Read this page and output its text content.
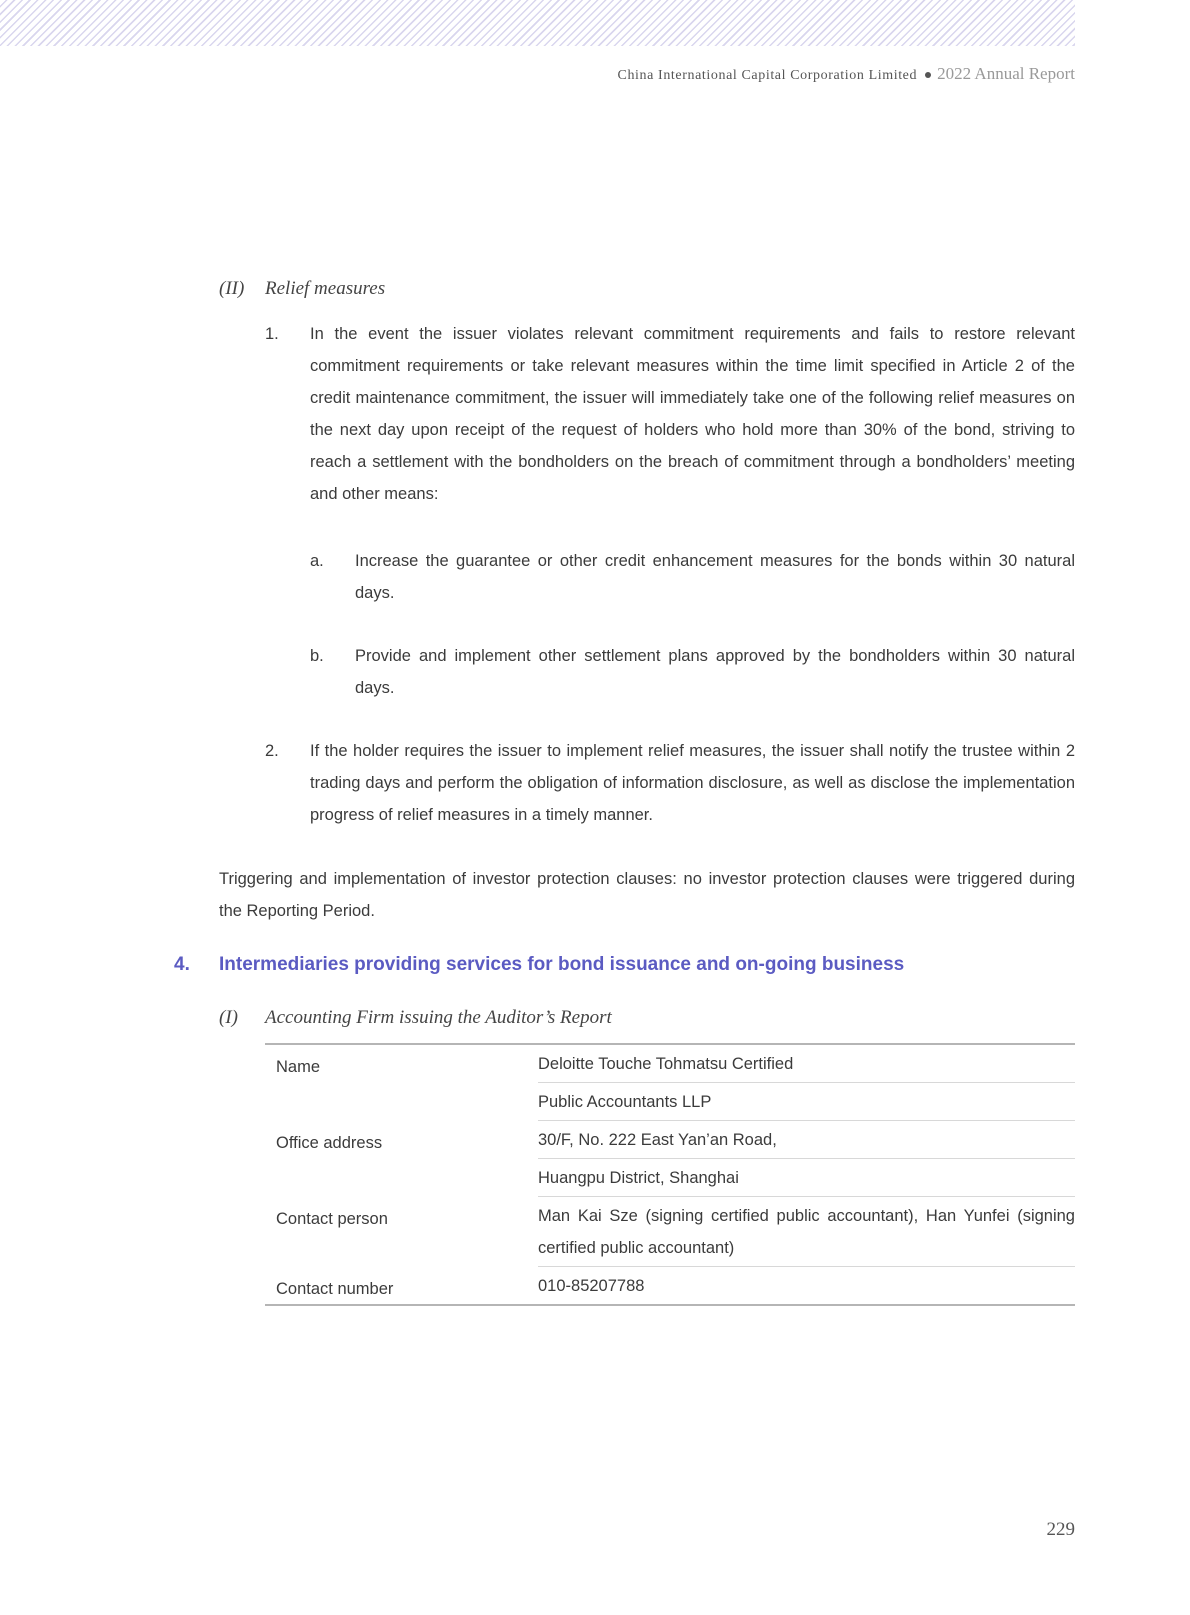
China International Capital Corporation Limited 2022 Annual Report
(II) Relief measures
1. In the event the issuer violates relevant commitment requirements and fails to restore relevant commitment requirements or take relevant measures within the time limit specified in Article 2 of the credit maintenance commitment, the issuer will immediately take one of the following relief measures on the next day upon receipt of the request of holders who hold more than 30% of the bond, striving to reach a settlement with the bondholders on the breach of commitment through a bondholders’ meeting and other means:
a. Increase the guarantee or other credit enhancement measures for the bonds within 30 natural days.
b. Provide and implement other settlement plans approved by the bondholders within 30 natural days.
2. If the holder requires the issuer to implement relief measures, the issuer shall notify the trustee within 2 trading days and perform the obligation of information disclosure, as well as disclose the implementation progress of relief measures in a timely manner.
Triggering and implementation of investor protection clauses: no investor protection clauses were triggered during the Reporting Period.
4. Intermediaries providing services for bond issuance and on-going business
(I) Accounting Firm issuing the Auditor’s Report
Name	Deloitte Touche Tohmatsu Certified
Public Accountants LLP
Office address	30/F, No. 222 East Yan’an Road,
Huangpu District, Shanghai
Contact person	Man Kai Sze (signing certified public accountant), Han Yunfei (signing certified public accountant)
Contact number	010-85207788
229
